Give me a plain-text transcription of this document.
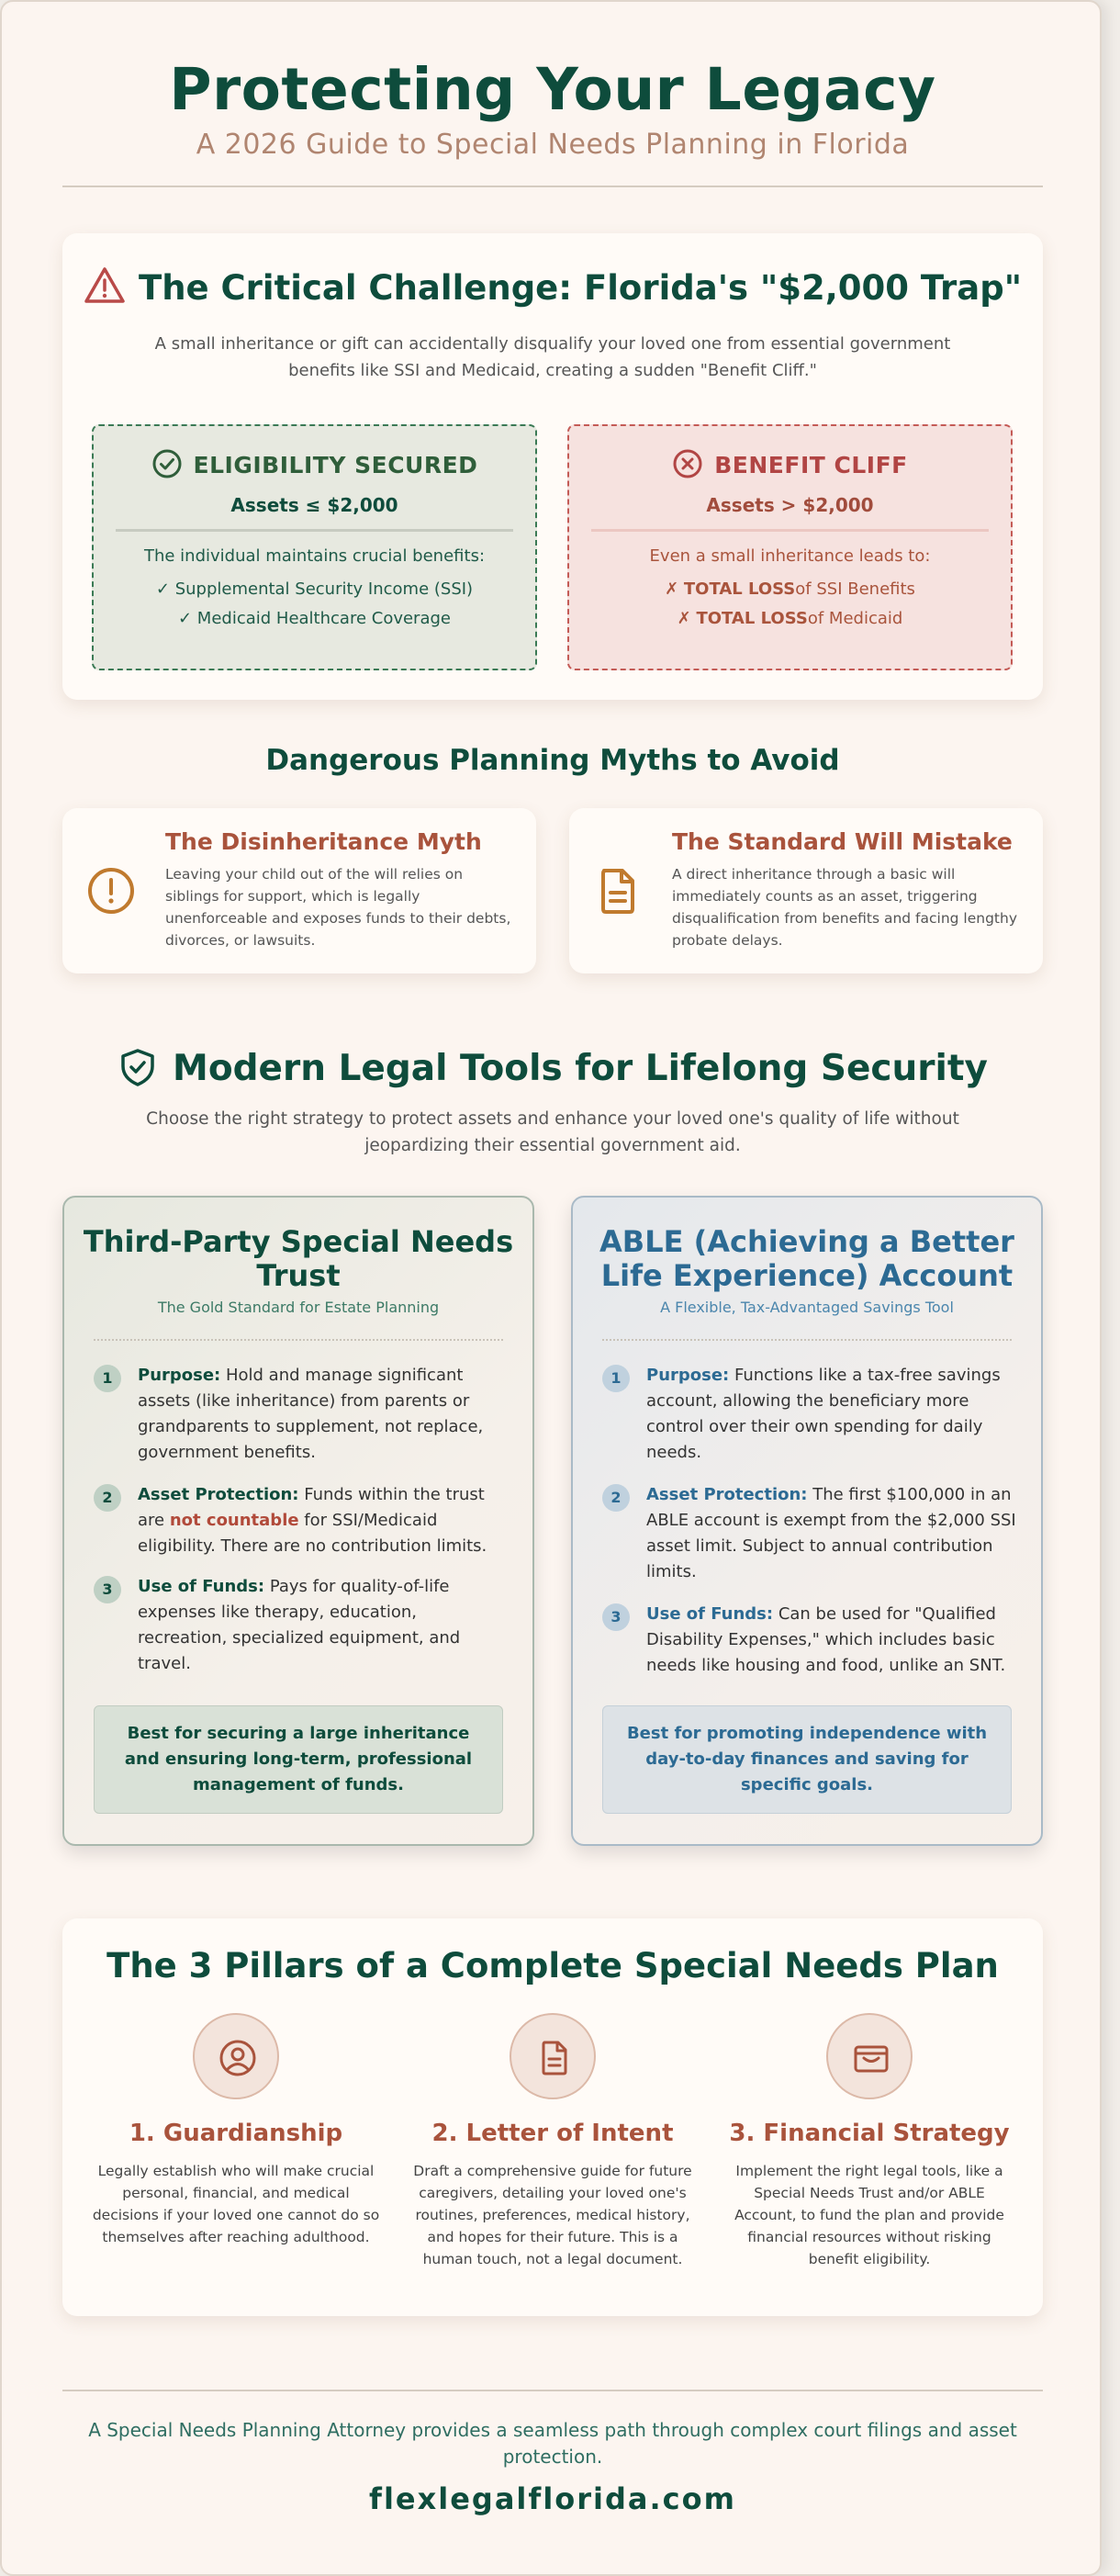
Protecting Your Legacy
A 2026 Guide to Special Needs Planning in Florida
The Critical Challenge: Florida's "$2,000 Trap"
A small inheritance or gift can accidentally disqualify your loved one from essential government benefits like SSI and Medicaid, creating a sudden "Benefit Cliff."
ELIGIBILITY SECURED
Assets ≤ $2,000
The individual maintains crucial benefits:
✓ Supplemental Security Income (SSI)
✓ Medicaid Healthcare Coverage
BENEFIT CLIFF
Assets > $2,000
Even a small inheritance leads to:
✗ TOTAL LOSSof SSI Benefits
✗ TOTAL LOSSof Medicaid
Dangerous Planning Myths to Avoid
The Disinheritance Myth

Leaving your child out of the will relies on siblings for support, which is legally unenforceable and exposes funds to their debts, divorces, or lawsuits.

The Standard Will Mistake

A direct inheritance through a basic will immediately counts as an asset, triggering disqualification from benefits and facing lengthy probate delays.

Modern Legal Tools for Lifelong Security
Choose the right strategy to protect assets and enhance your loved one's quality of life without jeopardizing their essential government aid.
Third-Party Special Needs Trust
The Gold Standard for Estate Planning
1	Purpose: Hold and manage significant assets (like inheritance) from parents or grandparents to supplement, not replace, government benefits.
2	Asset Protection: Funds within the trust are not countable for SSI/Medicaid eligibility. There are no contribution limits.
3	Use of Funds: Pays for quality-of-life expenses like therapy, education, recreation, specialized equipment, and travel.
Best for securing a large inheritance and ensuring long-term, professional management of funds.
ABLE (Achieving a Better Life Experience) Account
A Flexible, Tax-Advantaged Savings Tool
1	Purpose: Functions like a tax-free savings account, allowing the beneficiary more control over their own spending for daily needs.
2	Asset Protection: The first $100,000 in an ABLE account is exempt from the $2,000 SSI asset limit. Subject to annual contribution limits.
3	Use of Funds: Can be used for "Qualified Disability Expenses," which includes basic needs like housing and food, unlike an SNT.
Best for promoting independence with day-to-day finances and saving for specific goals.
The 3 Pillars of a Complete Special Needs Plan
1. Guardianship

Legally establish who will make crucial personal, financial, and medical decisions if your loved one cannot do so themselves after reaching adulthood.

2. Letter of Intent

Draft a comprehensive guide for future caregivers, detailing your loved one's routines, preferences, medical history, and hopes for their future. This is a human touch, not a legal document.

3. Financial Strategy

Implement the right legal tools, like a Special Needs Trust and/or ABLE Account, to fund the plan and provide financial resources without risking benefit eligibility.

A Special Needs Planning Attorney provides a seamless path through complex court filings and asset protection.
flexlegalflorida.com
